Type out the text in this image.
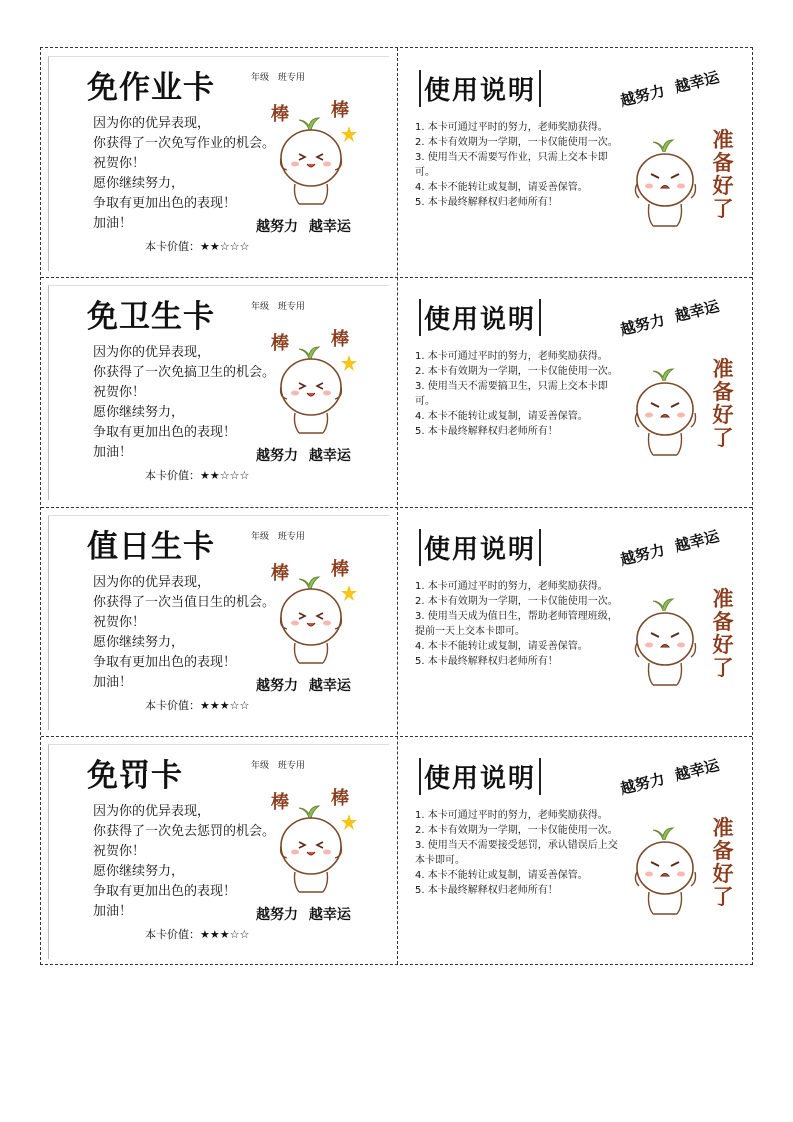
免作业卡	年级 班专用
因为你的优异表现，
你获得了一次免写作业的机会。
祝贺你！
愿你继续努力，
争取有更加出色的表现！
加油！
棒 棒
越努力 越幸运
本卡价值：★★☆☆☆
使用说明
1. 本卡可通过平时的努力，老师奖励获得。
2. 本卡有效期为一学期，一卡仅能使用一次。
3. 使用当天不需要写作业，只需上交本卡即可。
4. 本卡不能转让或复制，请妥善保管。
5. 本卡最终解释权归老师所有！
越努力 越幸运
准
备
好
了
免卫生卡	年级 班专用
因为你的优异表现，
你获得了一次免搞卫生的机会。
祝贺你！
愿你继续努力，
争取有更加出色的表现！
加油！
棒 棒
越努力 越幸运
本卡价值：★★☆☆☆
使用说明
1. 本卡可通过平时的努力，老师奖励获得。
2. 本卡有效期为一学期，一卡仅能使用一次。
3. 使用当天不需要搞卫生，只需上交本卡即可。
4. 本卡不能转让或复制，请妥善保管。
5. 本卡最终解释权归老师所有！
越努力 越幸运
准
备
好
了
值日生卡	年级 班专用
因为你的优异表现，
你获得了一次当值日生的机会。
祝贺你！
愿你继续努力，
争取有更加出色的表现！
加油！
棒 棒
越努力 越幸运
本卡价值：★★★☆☆
使用说明
1. 本卡可通过平时的努力，老师奖励获得。
2. 本卡有效期为一学期，一卡仅能使用一次。
3. 使用当天成为值日生，帮助老师管理班级，提前一天上交本卡即可。
4. 本卡不能转让或复制，请妥善保管。
5. 本卡最终解释权归老师所有！
越努力 越幸运
准
备
好
了
免罚卡	年级 班专用
因为你的优异表现，
你获得了一次免去惩罚的机会。
祝贺你！
愿你继续努力，
争取有更加出色的表现！
加油！
棒 棒
越努力 越幸运
本卡价值：★★★☆☆
使用说明
1. 本卡可通过平时的努力，老师奖励获得。
2. 本卡有效期为一学期，一卡仅能使用一次。
3. 使用当天不需要接受惩罚，承认错误后上交本卡即可。
4. 本卡不能转让或复制，请妥善保管。
5. 本卡最终解释权归老师所有！
越努力 越幸运
准
备
好
了
